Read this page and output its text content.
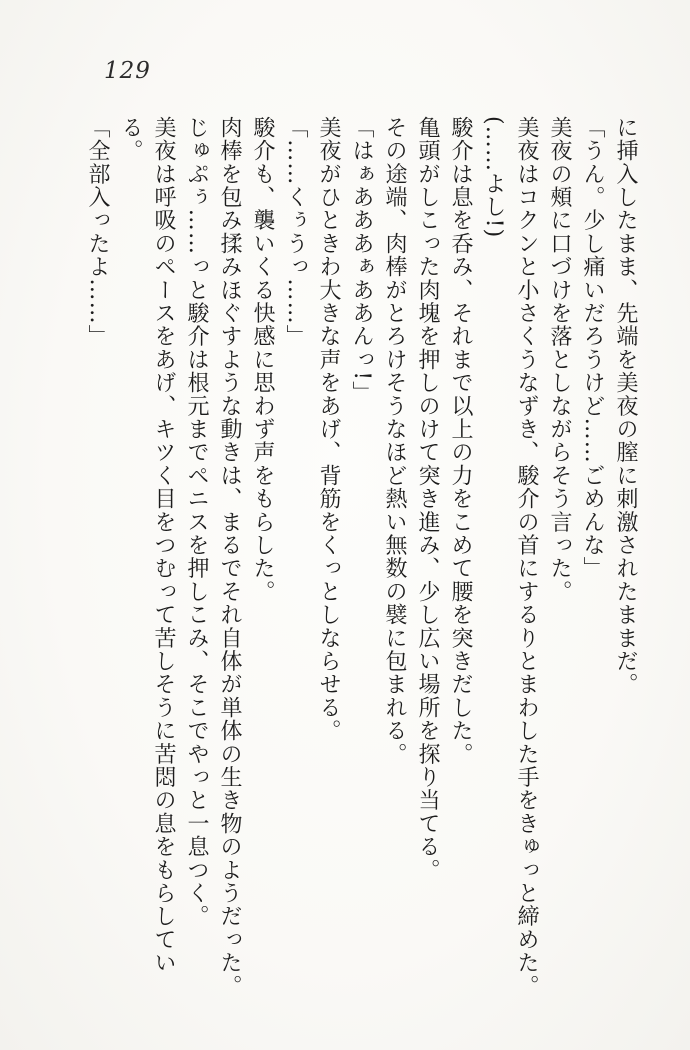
129

に挿入したまま、先端を美夜の膣に刺激されたままだ。

「うん。少し痛いだろうけど……ごめんな」

美夜の頰に口づけを落としながらそう言った。

美夜はコクンと小さくうなずき、駿介の首にするりとまわした手をきゅっと締めた。

(……よし!)

駿介は息を呑み、それまで以上の力をこめて腰を突きだした。

亀頭がしこった肉塊を押しのけて突き進み、少し広い場所を探り当てる。

その途端、肉棒がとろけそうなほど熱い無数の襞に包まれる。

「はぁあああぁああんっ!」

美夜がひときわ大きな声をあげ、背筋をくっとしならせる。

「……くぅうっ……」

駿介も、襲いくる快感に思わず声をもらした。

肉棒を包み揉みほぐすような動きは、まるでそれ自体が単体の生き物のようだった。

じゅぷぅ……っと駿介は根元までペニスを押しこみ、そこでやっと一息つく。

美夜は呼吸のペースをあげ、キツく目をつむって苦しそうに苦悶の息をもらしてい

る。

「全部入ったよ……」
